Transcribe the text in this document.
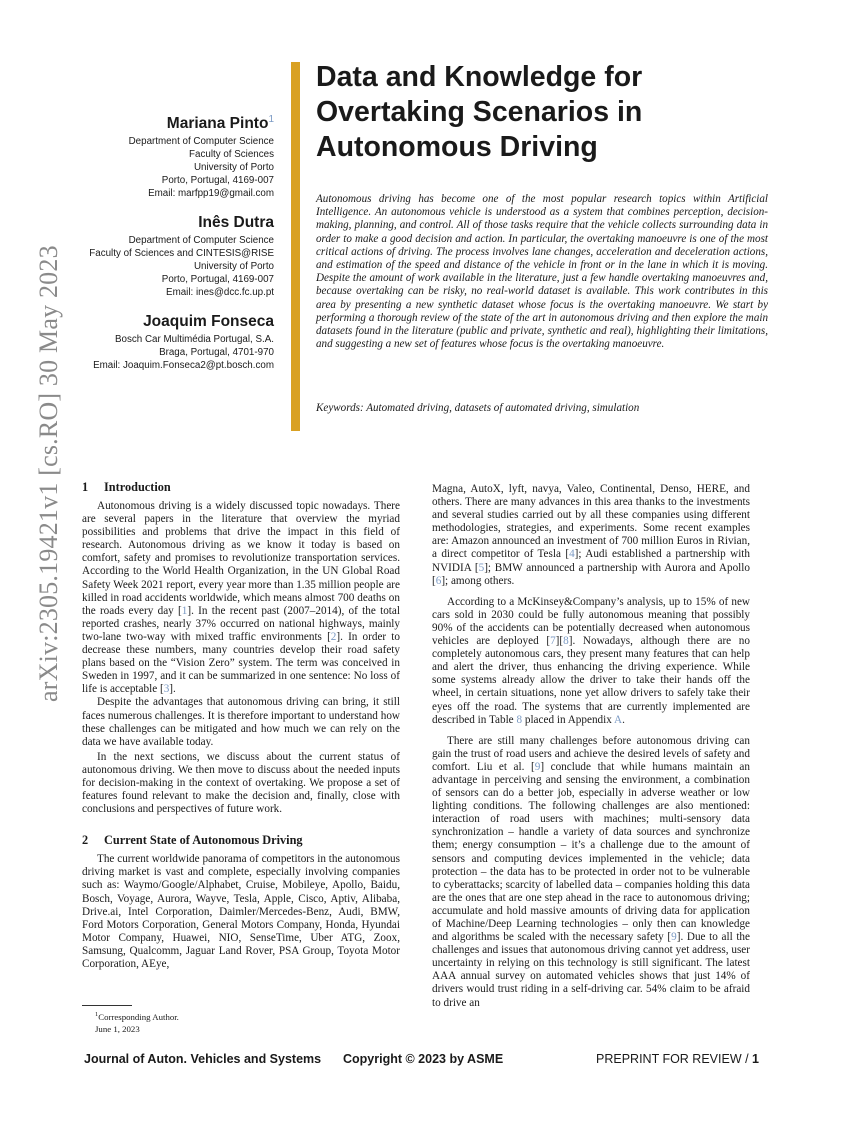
arXiv:2305.19421v1 [cs.RO] 30 May 2023
Mariana Pinto$^1$
Department of Computer Science
Faculty of Sciences
University of Porto
Porto, Portugal, 4169-007
Email: marfpp19@gmail.com
Inês Dutra
Department of Computer Science
Faculty of Sciences and CINTESIS@RISE
University of Porto
Porto, Portugal, 4169-007
Email: ines@dcc.fc.up.pt
Joaquim Fonseca
Bosch Car Multimédia Portugal, S.A.
Braga, Portugal, 4701-970
Email: Joaquim.Fonseca2@pt.bosch.com
Data and Knowledge for
Overtaking Scenarios in
Autonomous Driving
Autonomous driving has become one of the most popular research topics within Artificial Intelligence. An autonomous vehicle is understood as a system that combines perception, decision-making, planning, and control. All of those tasks require that the vehicle collects surrounding data in order to make a good decision and action. In particular, the overtaking manoeuvre is one of the most critical actions of driving. The process involves lane changes, acceleration and deceleration actions, and estimation of the speed and distance of the vehicle in front or in the lane in which it is moving. Despite the amount of work available in the literature, just a few handle overtaking manoeuvres and, because overtaking can be risky, no real-world dataset is available. This work contributes in this area by presenting a new synthetic dataset whose focus is the overtaking manoeuvre. We start by performing a thorough review of the state of the art in autonomous driving and then explore the main datasets found in the literature (public and private, synthetic and real), highlighting their limitations, and suggesting a new set of features whose focus is the overtaking manoeuvre.
Keywords: Automated driving, datasets of automated driving, simulation
1 Introduction

Autonomous driving is a widely discussed topic nowadays. There are several papers in the literature that overview the myriad possibilities and problems that drive the impact in this field of research. Autonomous driving as we know it today is based on comfort, safety and promises to revolutionize transportation services. According to the World Health Organization, in the UN Global Road Safety Week 2021 report, every year more than 1.35 million people are killed in road accidents worldwide, which means almost 700 deaths on the roads every day [1]. In the recent past (2007–2014), of the total reported crashes, nearly 37% occurred on national highways, mainly two-lane two-way with mixed traffic environments [2]. In order to decrease these numbers, many countries develop their road safety plans based on the “Vision Zero” system. The term was conceived in Sweden in 1997, and it can be summarized in one sentence: No loss of life is acceptable [3].

Despite the advantages that autonomous driving can bring, it still faces numerous challenges. It is therefore important to understand how these challenges can be mitigated and how much we can rely on the data we have available today.

In the next sections, we discuss about the current status of autonomous driving. We then move to discuss about the needed inputs for decision-making in the context of overtaking. We propose a set of features found relevant to make the decision and, finally, close with conclusions and perspectives of future work.

2 Current State of Autonomous Driving

The current worldwide panorama of competitors in the autonomous driving market is vast and complete, especially involving companies such as: Waymo/Google/Alphabet, Cruise, Mobileye, Apollo, Baidu, Bosch, Voyage, Aurora, Wayve, Tesla, Apple, Cisco, Aptiv, Alibaba, Drive.ai, Intel Corporation, Daimler/Mercedes-Benz, Audi, BMW, Ford Motors Corporation, General Motors Company, Honda, Hyundai Motor Company, Huawei, NIO, SenseTime, Uber ATG, Zoox, Samsung, Qualcomm, Jaguar Land Rover, PSA Group, Toyota Motor Corporation, AEye,

Magna, AutoX, lyft, navya, Valeo, Continental, Denso, HERE, and others. There are many advances in this area thanks to the investments and several studies carried out by all these companies using different methodologies, strategies, and experiments. Some recent examples are: Amazon announced an investment of 700 million Euros in Rivian, a direct competitor of Tesla [4]; Audi established a partnership with NVIDIA [5]; BMW announced a partnership with Aurora and Apollo [6]; among others.

According to a McKinsey&Company’s analysis, up to 15% of new cars sold in 2030 could be fully autonomous meaning that possibly 90% of the accidents can be potentially decreased when autonomous vehicles are deployed [7][8]. Nowadays, although there are no completely autonomous cars, they present many features that can help and alert the driver, thus enhancing the driving experience. While some systems already allow the driver to take their hands off the wheel, in certain situations, none yet allow drivers to safely take their eyes off the road. The systems that are currently implemented are described in Table 8 placed in Appendix A.

There are still many challenges before autonomous driving can gain the trust of road users and achieve the desired levels of safety and comfort. Liu et al. [9] conclude that while humans maintain an advantage in perceiving and sensing the environment, a combination of sensors can do a better job, especially in adverse weather or low lighting conditions. The following challenges are also mentioned: interaction of road users with machines; multi-sensory data synchronization – handle a variety of data sources and synchronize them; energy consumption – it’s a challenge due to the amount of sensors and computing devices implemented in the vehicle; data protection – the data has to be protected in order not to be vulnerable to cyberattacks; scarcity of labelled data – companies holding this data are the ones that are one step ahead in the race to autonomous driving; accumulate and hold massive amounts of driving data for application of Machine/Deep Learning technologies – only then can knowledge and algorithms be scaled with the necessary safety [9]. Due to all the challenges and issues that autonomous driving cannot yet address, user uncertainty in relying on this technology is still significant. The latest AAA annual survey on automated vehicles shows that just 14% of drivers would trust riding in a self-driving car. 54% claim to be afraid to drive an

$^1$Corresponding Author.
June 1, 2023
Journal of Auton. Vehicles and Systems Copyright © 2023 by ASME	PREPRINT FOR REVIEW / 1
